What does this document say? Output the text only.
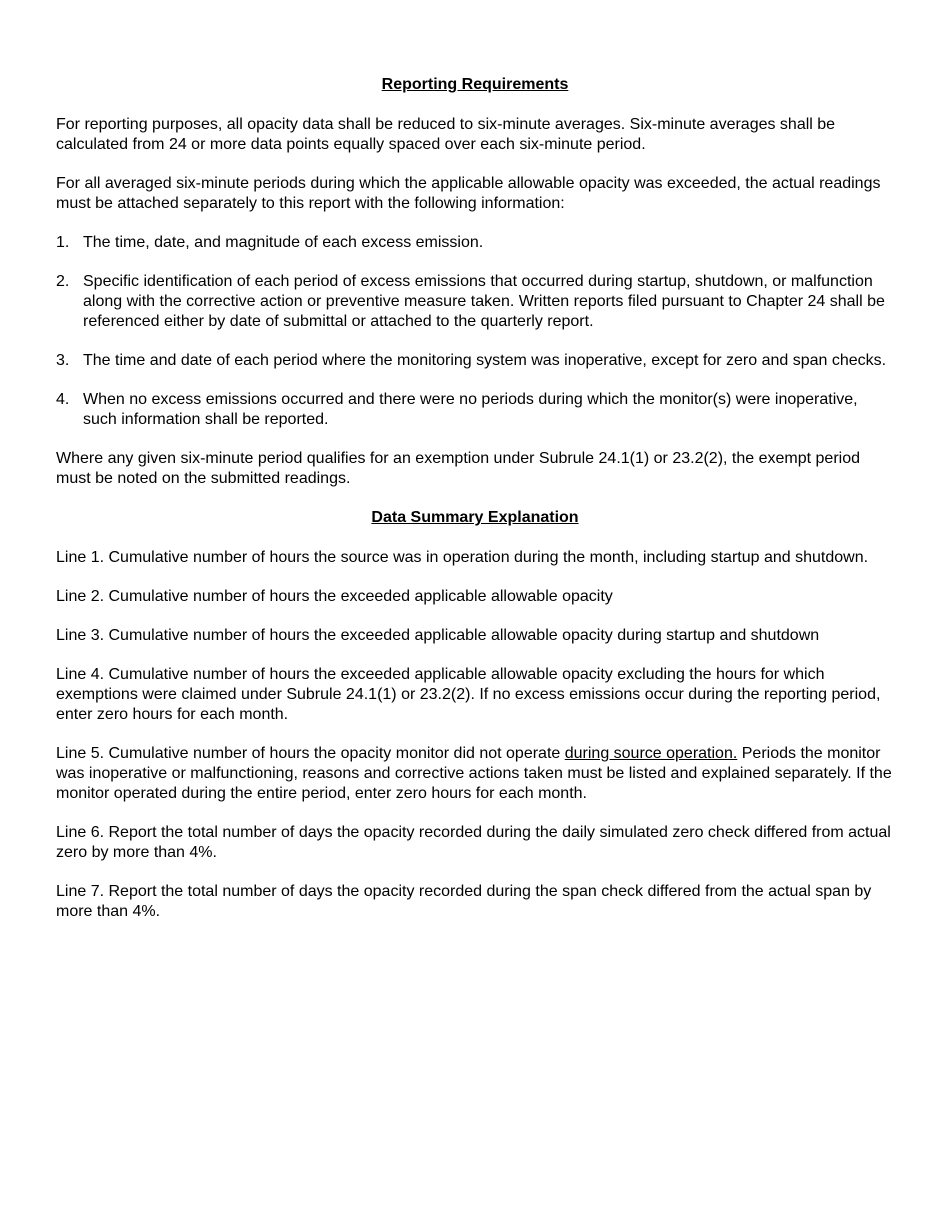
Reporting Requirements

For reporting purposes, all opacity data shall be reduced to six-minute averages. Six-minute averages shall be calculated from 24 or more data points equally spaced over each six-minute period.

For all averaged six-minute periods during which the applicable allowable opacity was exceeded, the actual readings must be attached separately to this report with the following information:

1. The time, date, and magnitude of each excess emission.
2. Specific identification of each period of excess emissions that occurred during startup, shutdown, or malfunction along with the corrective action or preventive measure taken. Written reports filed pursuant to Chapter 24 shall be referenced either by date of submittal or attached to the quarterly report.
3. The time and date of each period where the monitoring system was inoperative, except for zero and span checks.
4. When no excess emissions occurred and there were no periods during which the monitor(s) were inoperative, such information shall be reported.

Where any given six-minute period qualifies for an exemption under Subrule 24.1(1) or 23.2(2), the exempt period must be noted on the submitted readings.

Data Summary Explanation

Line 1. Cumulative number of hours the source was in operation during the month, including startup and shutdown.

Line 2. Cumulative number of hours the exceeded applicable allowable opacity

Line 3. Cumulative number of hours the exceeded applicable allowable opacity during startup and shutdown

Line 4. Cumulative number of hours the exceeded applicable allowable opacity excluding the hours for which exemptions were claimed under Subrule 24.1(1) or 23.2(2). If no excess emissions occur during the reporting period, enter zero hours for each month.

Line 5. Cumulative number of hours the opacity monitor did not operate during source operation. Periods the monitor was inoperative or malfunctioning, reasons and corrective actions taken must be listed and explained separately. If the monitor operated during the entire period, enter zero hours for each month.

Line 6. Report the total number of days the opacity recorded during the daily simulated zero check differed from actual zero by more than 4%.

Line 7. Report the total number of days the opacity recorded during the span check differed from the actual span by more than 4%.
